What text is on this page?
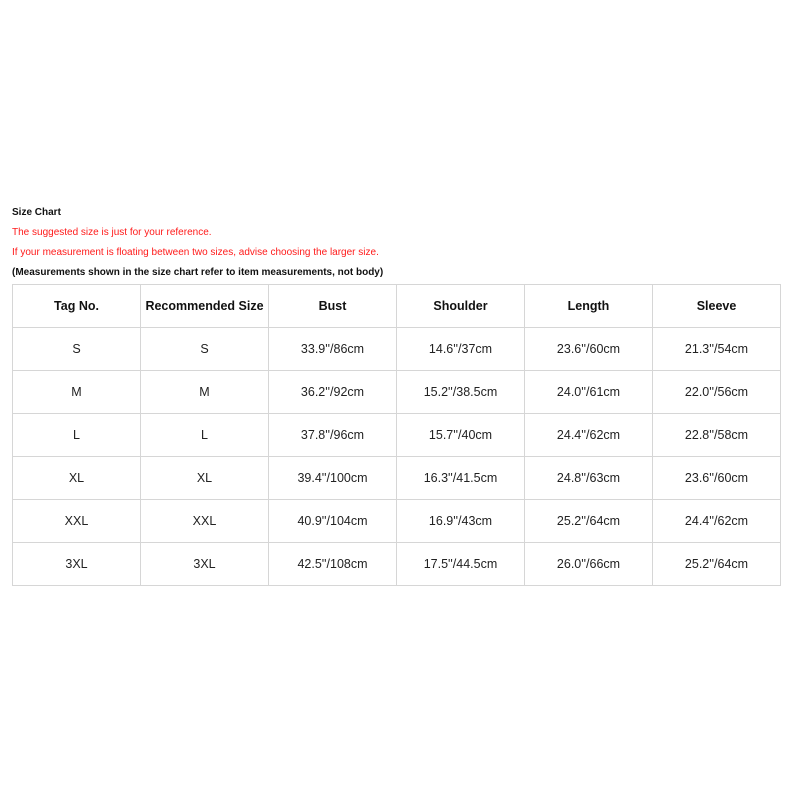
Size Chart
The suggested size is just for your reference.
If your measurement is floating between two sizes, advise choosing the larger size.
(Measurements shown in the size chart refer to item measurements, not body)
Tag No.	Recommended Size	Bust	Shoulder	Length	Sleeve
S	S	33.9''/86cm	14.6''/37cm	23.6''/60cm	21.3''/54cm
M	M	36.2''/92cm	15.2''/38.5cm	24.0''/61cm	22.0''/56cm
L	L	37.8''/96cm	15.7''/40cm	24.4''/62cm	22.8''/58cm
XL	XL	39.4''/100cm	16.3''/41.5cm	24.8''/63cm	23.6''/60cm
XXL	XXL	40.9''/104cm	16.9''/43cm	25.2''/64cm	24.4''/62cm
3XL	3XL	42.5''/108cm	17.5''/44.5cm	26.0''/66cm	25.2''/64cm
